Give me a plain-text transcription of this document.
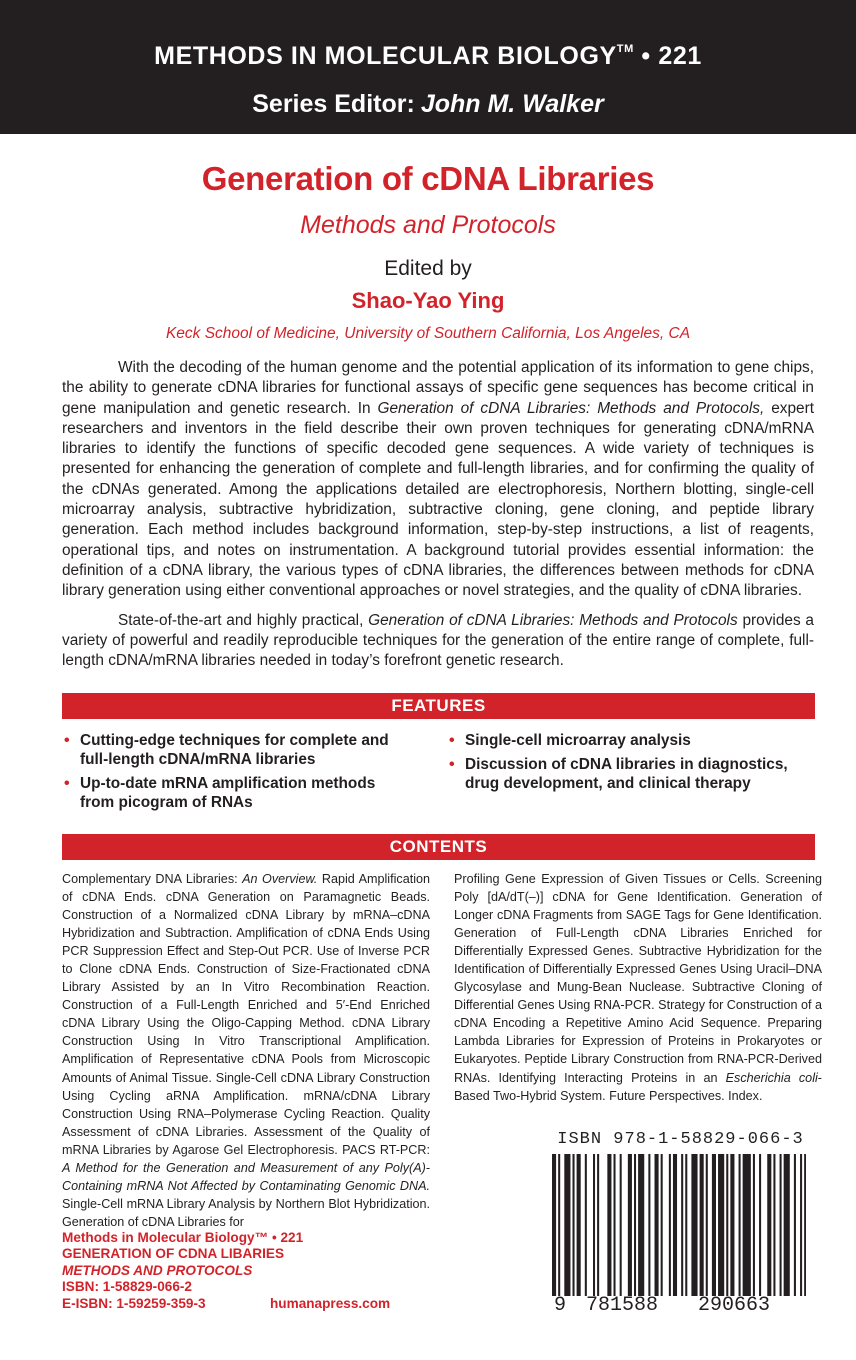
METHODS IN MOLECULAR BIOLOGY™ • 221
Series Editor: John M. Walker
Generation of cDNA Libraries
Methods and Protocols
Edited by
Shao-Yao Ying
Keck School of Medicine, University of Southern California, Los Angeles, CA

With the decoding of the human genome and the potential application of its information to gene chips, the ability to generate cDNA libraries for functional assays of specific gene sequences has become critical in gene manipulation and genetic research. In Generation of cDNA Libraries: Methods and Protocols, expert researchers and inventors in the field describe their own proven techniques for generating cDNA/mRNA libraries to identify the functions of specific decoded gene sequences. A wide variety of techniques is presented for enhancing the generation of complete and full-length libraries, and for confirming the quality of the cDNAs generated. Among the applications detailed are electrophoresis, Northern blotting, single-cell microarray analysis, subtractive hybridization, subtractive cloning, gene cloning, and peptide library generation. Each method includes background information, step-by-step instructions, a list of reagents, operational tips, and notes on instrumentation. A background tutorial provides essential information: the definition of a cDNA library, the various types of cDNA libraries, the differences between methods for cDNA library generation using either conventional approaches or novel strategies, and the quality of cDNA libraries.

State-of-the-art and highly practical, Generation of cDNA Libraries: Methods and Protocols provides a variety of powerful and readily reproducible techniques for the generation of the entire range of complete, full-length cDNA/mRNA libraries needed in today’s forefront genetic research.

FEATURES
• Cutting-edge techniques for complete and full-length cDNA/mRNA libraries
• Up-to-date mRNA amplification methods from picogram of RNAs
• Single-cell microarray analysis
• Discussion of cDNA libraries in diagnostics, drug development, and clinical therapy
CONTENTS
Complementary DNA Libraries: An Overview. Rapid Amplification of cDNA Ends. cDNA Generation on Paramagnetic Beads. Construction of a Normalized cDNA Library by mRNA–cDNA Hybridization and Subtraction. Amplification of cDNA Ends Using PCR Suppression Effect and Step-Out PCR. Use of Inverse PCR to Clone cDNA Ends. Construction of Size-Fractionated cDNA Library Assisted by an In Vitro Recombination Reaction. Construction of a Full-Length Enriched and 5′-End Enriched cDNA Library Using the Oligo-Capping Method. cDNA Library Construction Using In Vitro Transcriptional Amplification. Amplification of Representative cDNA Pools from Microscopic Amounts of Animal Tissue. Single-Cell cDNA Library Construction Using Cycling aRNA Amplification. mRNA/cDNA Library Construction Using RNA–Polymerase Cycling Reaction. Quality Assessment of cDNA Libraries. Assessment of the Quality of mRNA Libraries by Agarose Gel Electrophoresis. PACS RT-PCR: A Method for the Generation and Measurement of any Poly(A)-Containing mRNA Not Affected by Contaminating Genomic DNA. Single-Cell mRNA Library Analysis by Northern Blot Hybridization. Generation of cDNA Libraries for
Profiling Gene Expression of Given Tissues or Cells. Screening Poly [dA/dT(–)] cDNA for Gene Identification. Generation of Longer cDNA Fragments from SAGE Tags for Gene Identification. Generation of Full-Length cDNA Libraries Enriched for Differentially Expressed Genes. Subtractive Hybridization for the Identification of Differentially Expressed Genes Using Uracil–DNA Glycosylase and Mung-Bean Nuclease. Subtractive Cloning of Differential Genes Using RNA-PCR. Strategy for Construction of a cDNA Encoding a Repetitive Amino Acid Sequence. Preparing Lambda Libraries for Expression of Proteins in Prokaryotes or Eukaryotes. Peptide Library Construction from RNA-PCR-Derived RNAs. Identifying Interacting Proteins in an Escherichia coli-Based Two-Hybrid System. Future Perspectives. Index.
ISBN 978-1-58829-066-3
9 781588 290663
Methods in Molecular Biology™ • 221
GENERATION OF CDNA LIBARIES
METHODS AND PROTOCOLS
ISBN: 1-58829-066-2
E-ISBN: 1-59259-359-3	humanapress.com
